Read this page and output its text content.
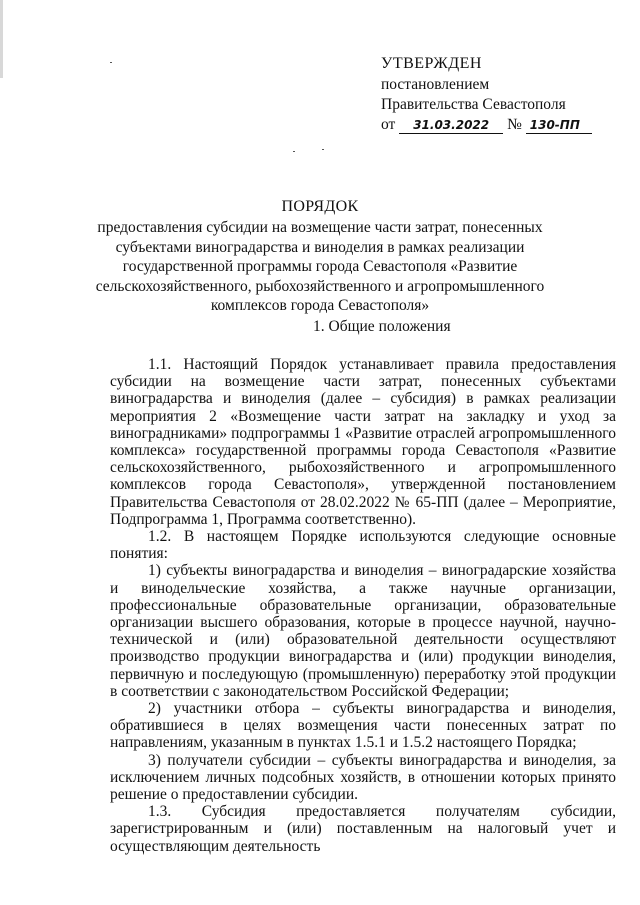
УТВЕРЖДЕН
постановлением
Правительства Севастополя
от 31.03.2022 № 130-ПП
ПОРЯДОК
предоставления субсидии на возмещение части затрат, понесенных субъектами виноградарства и виноделия в рамках реализации государственной программы города Севастополя «Развитие сельскохозяйственного, рыбохозяйственного и агропромышленного комплексов города Севастополя»
1. Общие положения

1.1. Настоящий Порядок устанавливает правила предоставления субсидии на возмещение части затрат, понесенных субъектами виноградарства и виноделия (далее – субсидия) в рамках реализации мероприятия 2 «Возмещение части затрат на закладку и уход за виноградниками» подпрограммы 1 «Развитие отраслей агропромышленного комплекса» государственной программы города Севастополя «Развитие сельскохозяйственного, рыбохозяйственного и агропромышленного комплексов города Севастополя», утвержденной постановлением Правительства Севастополя от 28.02.2022 № 65-ПП (далее – Мероприятие, Подпрограмма 1, Программа соответственно).

1.2. В настоящем Порядке используются следующие основные понятия:

1) субъекты виноградарства и виноделия – виноградарские хозяйства и винодельческие хозяйства, а также научные организации, профессиональные образовательные организации, образовательные организации высшего образования, которые в процессе научной, научно-технической и (или) образовательной деятельности осуществляют производство продукции виноградарства и (или) продукции виноделия, первичную и последующую (промышленную) переработку этой продукции в соответствии с законодательством Российской Федерации;

2) участники отбора – субъекты виноградарства и виноделия, обратившиеся в целях возмещения части понесенных затрат по направлениям, указанным в пунктах 1.5.1 и 1.5.2 настоящего Порядка;

3) получатели субсидии – субъекты виноградарства и виноделия, за исключением личных подсобных хозяйств, в отношении которых принято решение о предоставлении субсидии.

1.3. Субсидия предоставляется получателям субсидии, зарегистрированным и (или) поставленным на налоговый учет и осуществляющим деятельность
